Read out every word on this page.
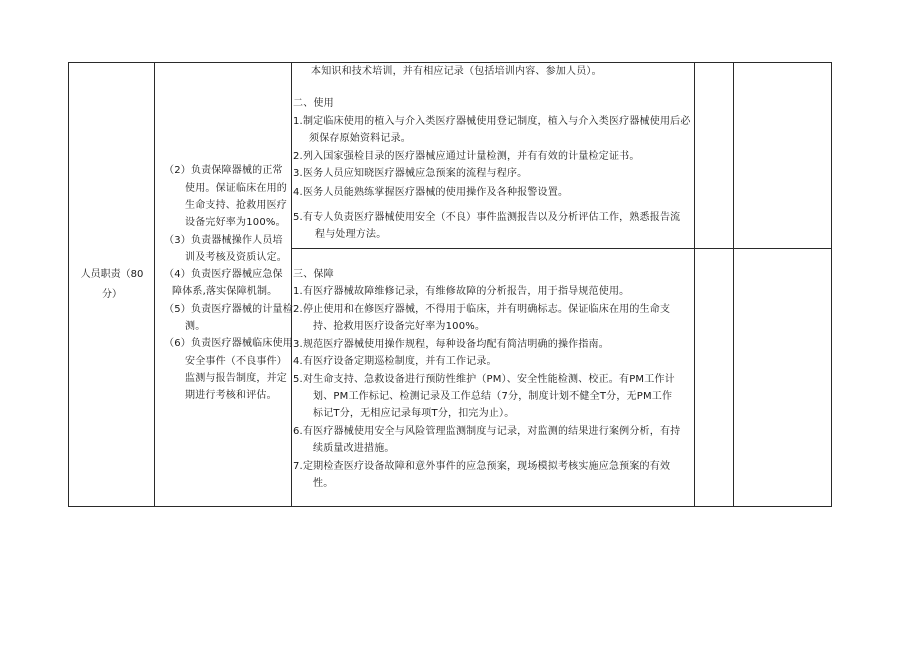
人员职责（80
分）
（2）负责保障器械的正常
使用。保证临床在用的
生命支持、抢救用医疗
设备完好率为100%。
（3）负责器械操作人员培
训及考核及资质认定。
（4）负责医疗器械应急保
障体系,落实保障机制。
（5）负责医疗器械的计量检
测。
（6）负责医疗器械临床使用
安全事件（不良事件）
监测与报告制度，并定
期进行考核和评估。
本知识和技术培训，并有相应记录（包括培训内容、参加人员）。
二、使用
1.制定临床使用的植入与介入类医疗器械使用登记制度，植入与介入类医疗器械使用后必
须保存原始资料记录。
2.列入国家强检目录的医疗器械应通过计量检测，并有有效的计量检定证书。
3.医务人员应知晓医疗器械应急预案的流程与程序。
4.医务人员能熟练掌握医疗器械的使用操作及各种报警设置。
5.有专人负责医疗器械使用安全（不良）事件监测报告以及分析评估工作，熟悉报告流
程与处理方法。
三、保障
1.有医疗器械故障维修记录，有维修故障的分析报告，用于指导规范使用。
2.停止使用和在修医疗器械，不得用于临床，并有明确标志。保证临床在用的生命支
持、抢救用医疗设备完好率为100%。
3.规范医疗器械使用操作规程，每种设备均配有简洁明确的操作指南。
4.有医疗设备定期巡检制度，并有工作记录。
5.对生命支持、急救设备进行预防性维护（PM）、安全性能检测、校正。有PM工作计
划、PM工作标记、检测记录及工作总结（7分，制度计划不健全T分，无PM工作
标记T分，无相应记录每项T分，扣完为止）。
6.有医疗器械使用安全与风险管理监测制度与记录，对监测的结果进行案例分析，有持
续质量改进措施。
7.定期检查医疗设备故障和意外事件的应急预案，现场模拟考核实施应急预案的有效
性。
